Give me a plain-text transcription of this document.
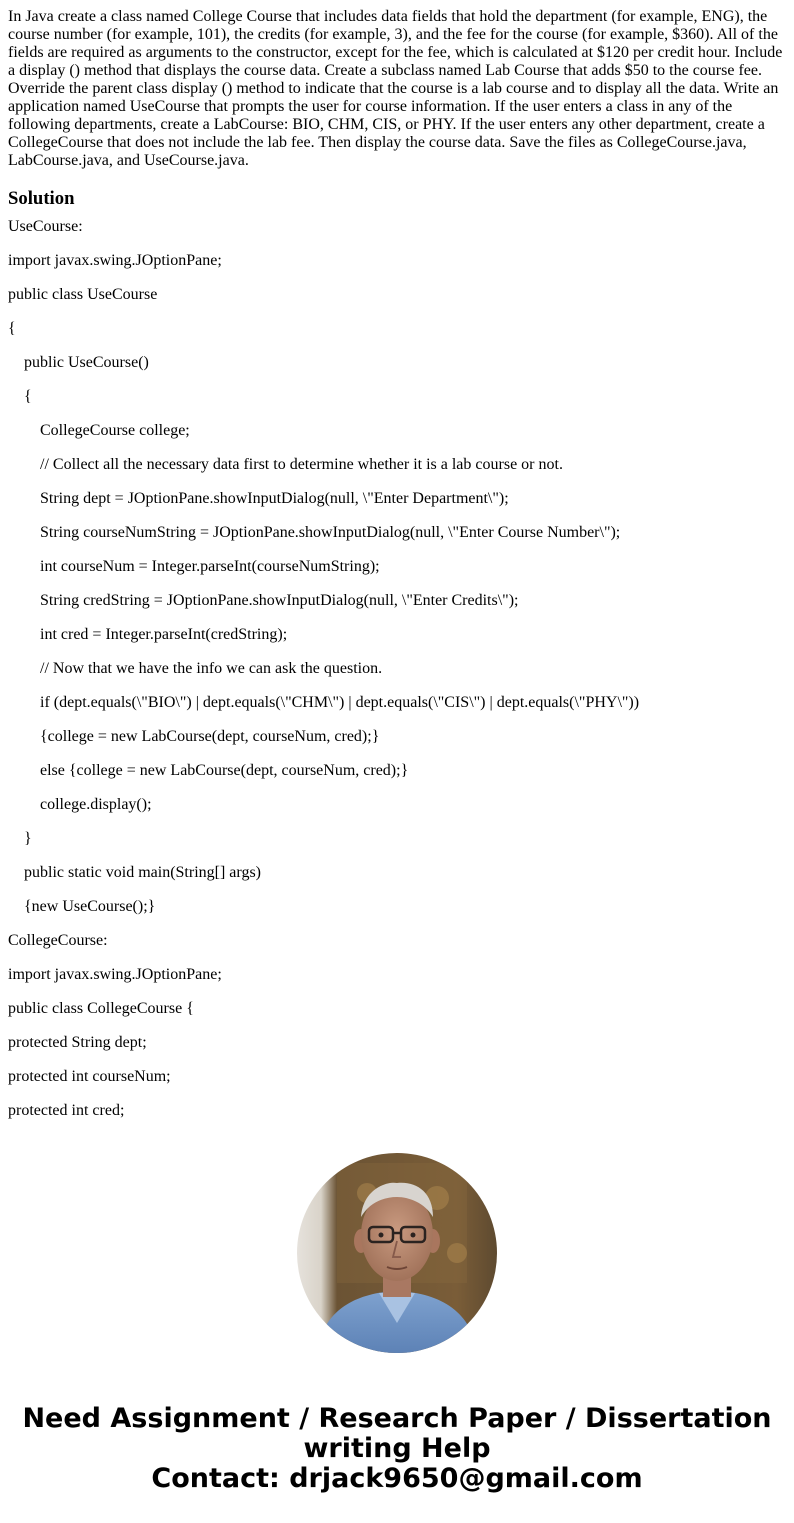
In Java create a class named College Course that includes data fields that hold the department (for example, ENG), the course number (for example, 101), the credits (for example, 3), and the fee for the course (for example, $360). All of the fields are required as arguments to the constructor, except for the fee, which is calculated at $120 per credit hour. Include a display () method that displays the course data. Create a subclass named Lab Course that adds $50 to the course fee. Override the parent class display () method to indicate that the course is a lab course and to display all the data. Write an application named UseCourse that prompts the user for course information. If the user enters a class in any of the following departments, create a LabCourse: BIO, CHM, CIS, or PHY. If the user enters any other department, create a CollegeCourse that does not include the lab fee. Then display the course data. Save the files as CollegeCourse.java, LabCourse.java, and UseCourse.java.

Solution

UseCourse:

import javax.swing.JOptionPane;

public class UseCourse

{

public UseCourse()

{

CollegeCourse college;

// Collect all the necessary data first to determine whether it is a lab course or not.

String dept = JOptionPane.showInputDialog(null, \"Enter Department\");

String courseNumString = JOptionPane.showInputDialog(null, \"Enter Course Number\");

int courseNum = Integer.parseInt(courseNumString);

String credString = JOptionPane.showInputDialog(null, \"Enter Credits\");

int cred = Integer.parseInt(credString);

// Now that we have the info we can ask the question.

if (dept.equals(\"BIO\") | dept.equals(\"CHM\") | dept.equals(\"CIS\") | dept.equals(\"PHY\"))

{college = new LabCourse(dept, courseNum, cred);}

else {college = new LabCourse(dept, courseNum, cred);}

college.display();

}

public static void main(String[] args)

{new UseCourse();}

CollegeCourse:

import javax.swing.JOptionPane;

public class CollegeCourse {

protected String dept;

protected int courseNum;

protected int cred;

Need Assignment / Research Paper / Dissertation
writing Help
Contact: drjack9650@gmail.com
